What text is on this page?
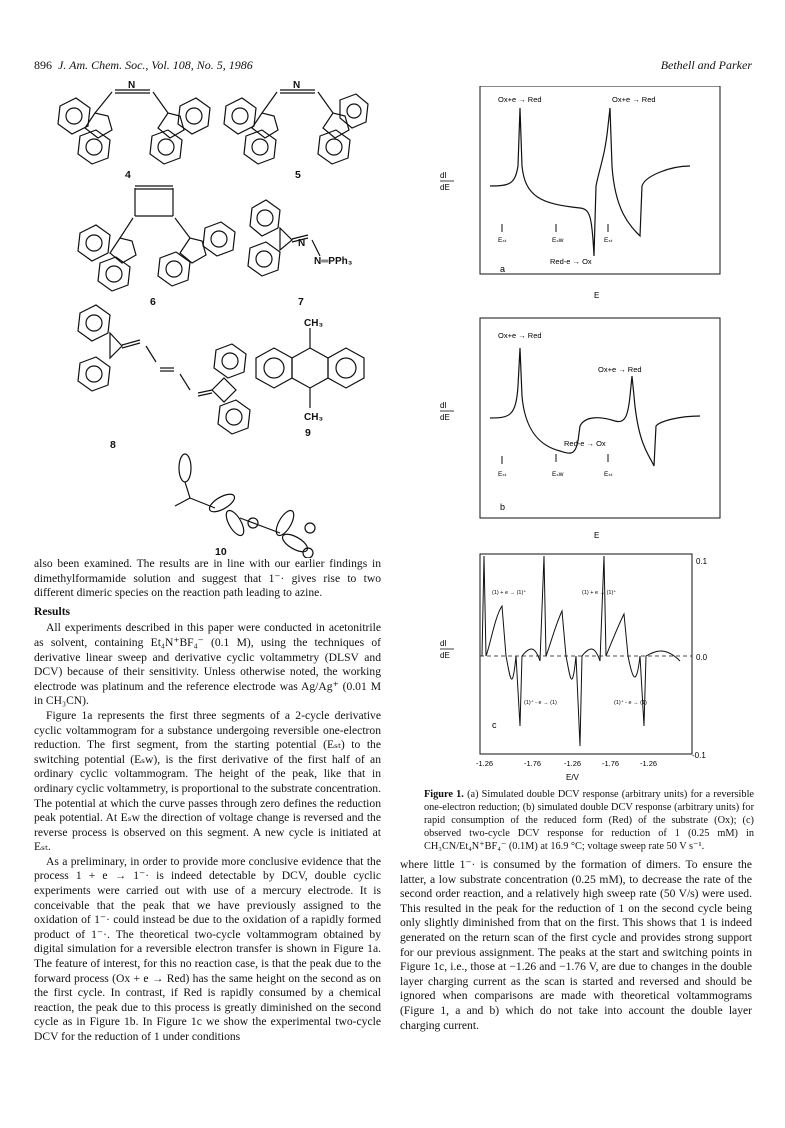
896 J. Am. Chem. Soc., Vol. 108, No. 5, 1986	Bethell and Parker
N	N
N
N═PPh₃
CH₃
CH₃
4	5
6	7
8
9
10

also been examined. The results are in line with our earlier findings in dimethylformamide solution and suggest that 1⁻· gives rise to two different dimeric species on the reaction path leading to azine.

Results

All experiments described in this paper were conducted in acetonitrile as solvent, containing Et₄N⁺BF₄⁻ (0.1 M), using the techniques of derivative linear sweep and derivative cyclic voltammetry (DLSV and DCV) because of their sensitivity. Unless otherwise noted, the working electrode was platinum and the reference electrode was Ag/Ag⁺ (0.01 M in CH₃CN).

Figure 1a represents the first three segments of a 2-cycle derivative cyclic voltammogram for a substance undergoing reversible one-electron reduction. The first segment, from the starting potential (Eₛₜ) to the switching potential (Eₛw), is the first derivative of the first half of an ordinary cyclic voltammogram. The height of the peak, like that in ordinary cyclic voltammetry, is proportional to the substrate concentration. The potential at which the curve passes through zero defines the reduction peak potential. At Eₛw the direction of voltage change is reversed and the reverse process is observed on this segment. A new cycle is initiated at Eₛₜ.

As a preliminary, in order to provide more conclusive evidence that the process 1 + e → 1⁻· is indeed detectable by DCV, double cyclic experiments were carried out with use of a mercury electrode. It is conceivable that the peak that we have previously assigned to the oxidation of 1⁻· could instead be due to the oxidation of a rapidly formed product of 1⁻·. The theoretical two-cycle voltammogram obtained by digital simulation for a reversible electron transfer is shown in Figure 1a. The feature of interest, for this no reaction case, is that the peak due to the forward process (Ox + e → Red) has the same height on the second as on the first cycle. In contrast, if Red is rapidly consumed by a chemical reaction, the peak due to this process is greatly diminished on the second cycle as in Figure 1b. In Figure 1c we show the experimental two-cycle DCV for the reduction of 1 under conditions

Ox+e → Red	Ox+e → Red
Red-e → Ox
Eₛₜ	Eₛw	Eₛₜ
a
dI
dE
E
Ox+e → Red
Ox+e → Red
Red-e → Ox
Eₛₜ	Eₛw	Eₛₜ
b
dI
dE
E
(1) + e → (1)⁺	(1) + e → (1)⁺
(1)⁺ - e → (1)	(1)⁺ - e → (1)
c
0.1
0.0
-0.1
-1.26	-1.76	-1.26	-1.76	-1.26
E/V
dI
dE
Figure 1. (a) Simulated double DCV response (arbitrary units) for a reversible one-electron reduction; (b) simulated double DCV response (arbitrary units) for rapid consumption of the reduced form (Red) of the substrate (Ox); (c) observed two-cycle DCV response for reduction of 1 (0.25 mM) in CH₃CN/Et₄N⁺BF₄⁻ (0.1M) at 16.9 °C; voltage sweep rate 50 V s⁻¹.

where little 1⁻· is consumed by the formation of dimers. To ensure the latter, a low substrate concentration (0.25 mM), to decrease the rate of the second order reaction, and a relatively high sweep rate (50 V/s) were used. This resulted in the peak for the reduction of 1 on the second cycle being only slightly diminished from that on the first. This shows that 1 is indeed generated on the return scan of the first cycle and provides strong support for our previous assignment. The peaks at the start and switching points in Figure 1c, i.e., those at −1.26 and −1.76 V, are due to changes in the double layer charging current as the scan is started and reversed and should be ignored when comparisons are made with theoretical voltammograms (Figure 1, a and b) which do not take into account the double layer charging current.
